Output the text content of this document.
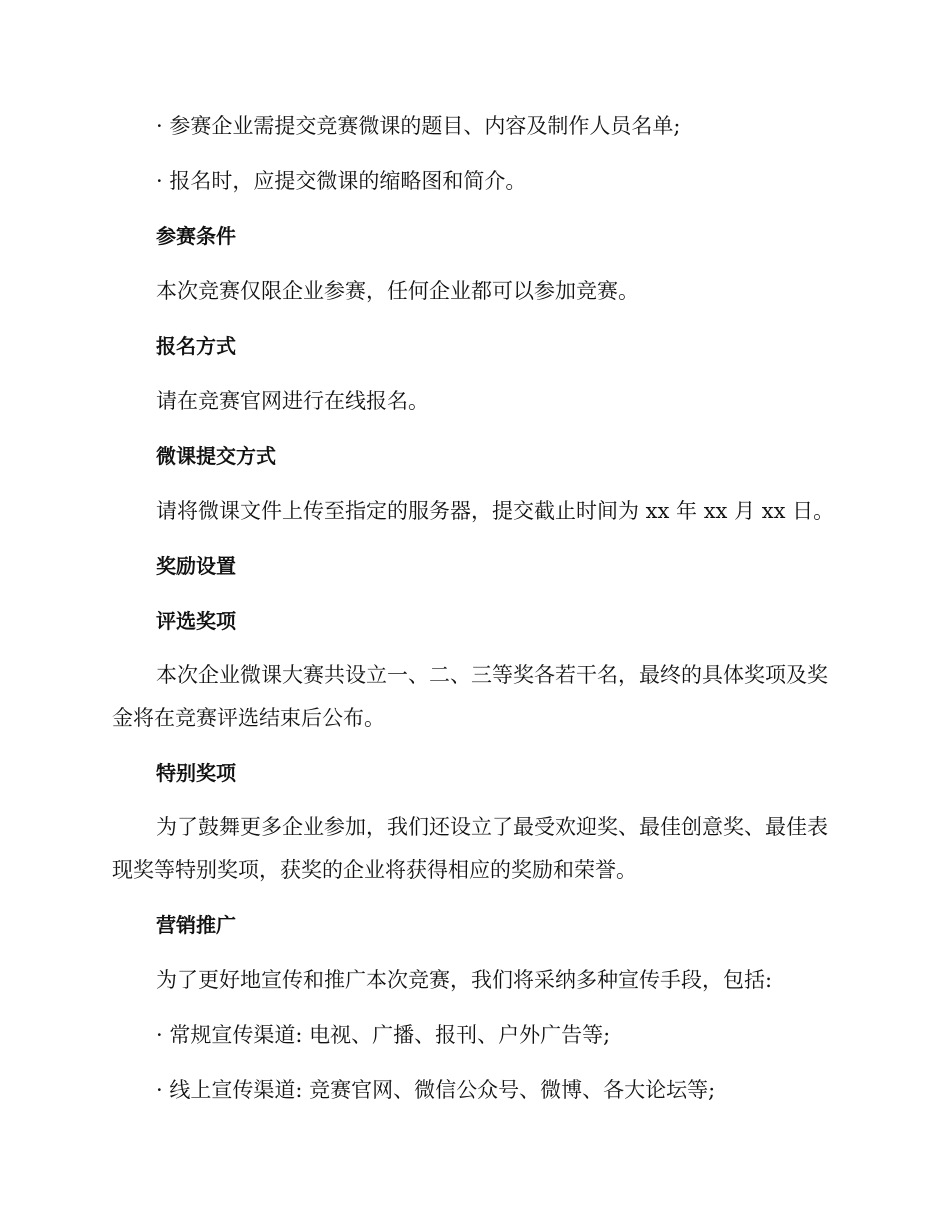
· 参赛企业需提交竞赛微课的题目、内容及制作人员名单;

· 报名时，应提交微课的缩略图和简介。

参赛条件

本次竞赛仅限企业参赛，任何企业都可以参加竞赛。

报名方式

请在竞赛官网进行在线报名。

微课提交方式

请将微课文件上传至指定的服务器，提交截止时间为 xx 年 xx 月 xx 日。

奖励设置

评选奖项

本次企业微课大赛共设立一、二、三等奖各若干名，最终的具体奖项及奖金将在竞赛评选结束后公布。

特别奖项

为了鼓舞更多企业参加，我们还设立了最受欢迎奖、最佳创意奖、最佳表现奖等特别奖项，获奖的企业将获得相应的奖励和荣誉。

营销推广

为了更好地宣传和推广本次竞赛，我们将采纳多种宣传手段，包括:

· 常规宣传渠道: 电视、广播、报刊、户外广告等;

· 线上宣传渠道: 竞赛官网、微信公众号、微博、各大论坛等;
